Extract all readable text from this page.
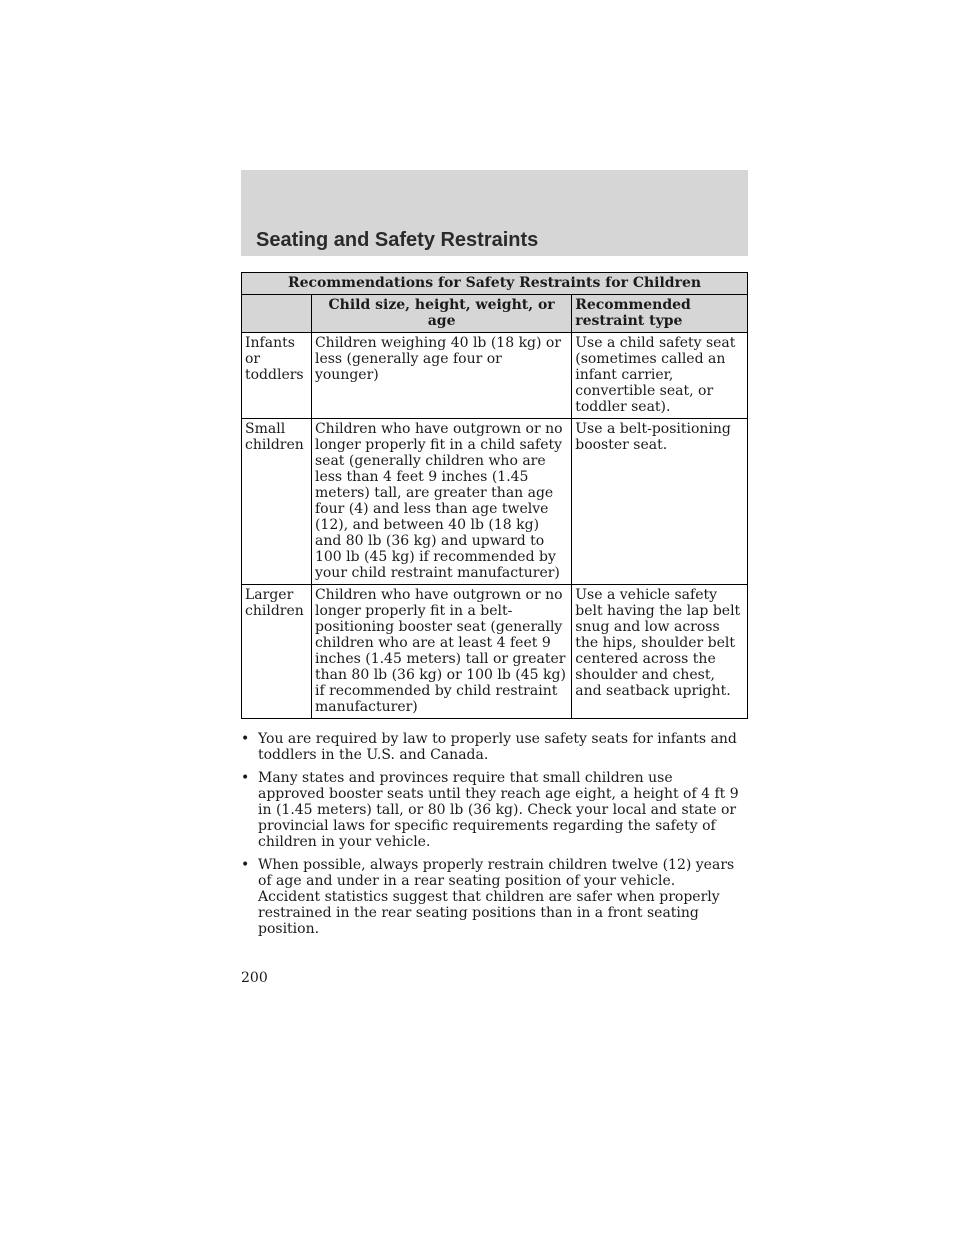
Seating and Safety Restraints
Recommendations for Safety Restraints for Children		
	Child size, height, weight, or age	Recommended restraint type
Infants or toddlers	Children weighing 40 lb (18 kg) or less (generally age four or younger)	Use a child safety seat (sometimes called an infant carrier, convertible seat, or toddler seat).
Small children	Children who have outgrown or no longer properly fit in a child safety seat (generally children who are less than 4 feet 9 inches (1.45 meters) tall, are greater than age four (4) and less than age twelve (12), and between 40 lb (18 kg) and 80 lb (36 kg) and upward to 100 lb (45 kg) if recommended by your child restraint manufacturer)	Use a belt-positioning booster seat.
Larger children	Children who have outgrown or no longer properly fit in a belt-positioning booster seat (generally children who are at least 4 feet 9 inches (1.45 meters) tall or greater than 80 lb (36 kg) or 100 lb (45 kg) if recommended by child restraint manufacturer)	Use a vehicle safety belt having the lap belt snug and low across the hips, shoulder belt centered across the shoulder and chest, and seatback upright.
• You are required by law to properly use safety seats for infants and toddlers in the U.S. and Canada.
• Many states and provinces require that small children use approved booster seats until they reach age eight, a height of 4 ft 9 in (1.45 meters) tall, or 80 lb (36 kg). Check your local and state or provincial laws for specific requirements regarding the safety of children in your vehicle.
• When possible, always properly restrain children twelve (12) years of age and under in a rear seating position of your vehicle. Accident statistics suggest that children are safer when properly restrained in the rear seating positions than in a front seating position.
200
